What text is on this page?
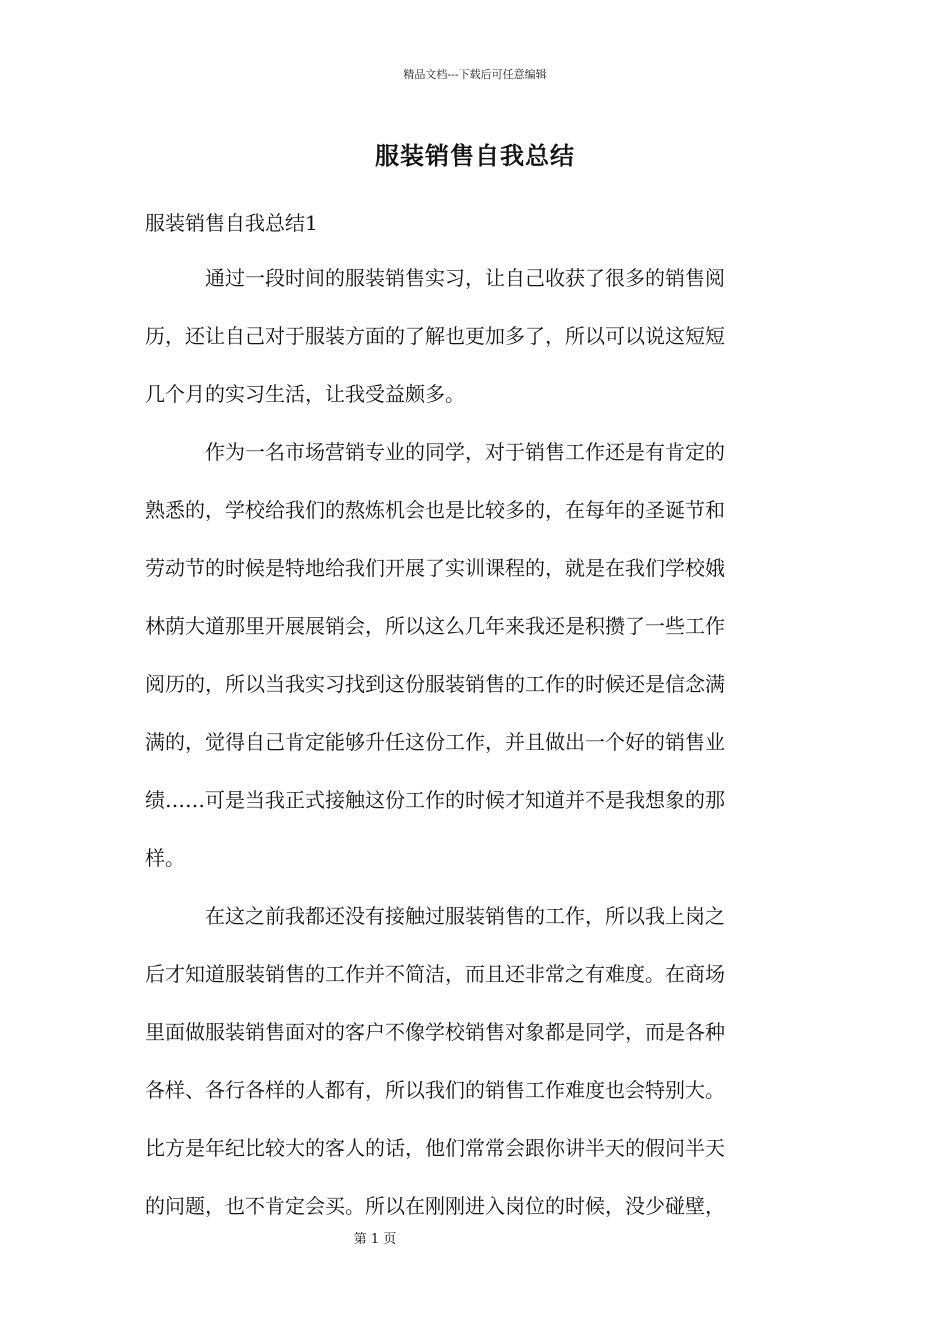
精品文档---下载后可任意编辑
服装销售自我总结
服装销售自我总结1
　　　通过一段时间的服装销售实习，让自己收获了很多的销售阅
历，还让自己对于服装方面的了解也更加多了，所以可以说这短短
几个月的实习生活，让我受益颇多。
　　　作为一名市场营销专业的同学，对于销售工作还是有肯定的
熟悉的，学校给我们的熬炼机会也是比较多的，在每年的圣诞节和
劳动节的时候是特地给我们开展了实训课程的，就是在我们学校娥
林荫大道那里开展展销会，所以这么几年来我还是积攒了一些工作
阅历的，所以当我实习找到这份服装销售的工作的时候还是信念满
满的，觉得自己肯定能够升任这份工作，并且做出一个好的销售业
绩……可是当我正式接触这份工作的时候才知道并不是我想象的那
样。
　　　在这之前我都还没有接触过服装销售的工作，所以我上岗之
后才知道服装销售的工作并不简洁，而且还非常之有难度。在商场
里面做服装销售面对的客户不像学校销售对象都是同学，而是各种
各样、各行各样的人都有，所以我们的销售工作难度也会特别大。
比方是年纪比较大的客人的话，他们常常会跟你讲半天的假问半天
的问题，也不肯定会买。所以在刚刚进入岗位的时候，没少碰壁，
第 1 页
